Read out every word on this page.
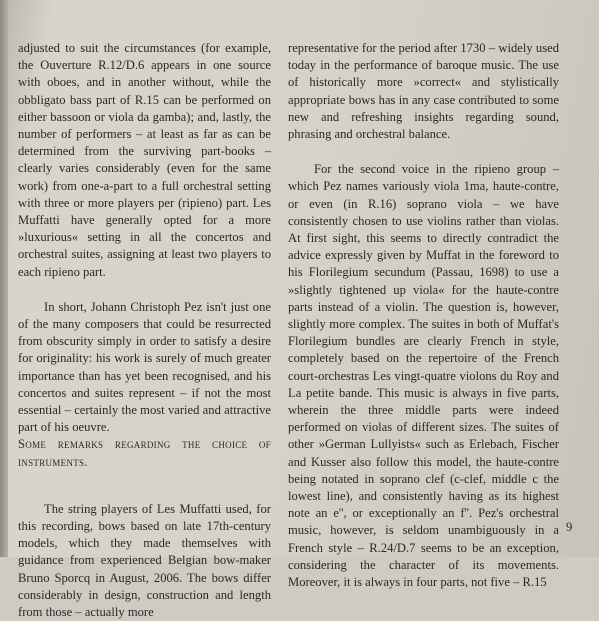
adjusted to suit the circumstances (for example, the Ouverture R.12/D.6 appears in one source with oboes, and in another without, while the obbligato bass part of R.15 can be performed on either bassoon or viola da gamba); and, lastly, the number of performers – at least as far as can be determined from the surviving part-books – clearly varies considerably (even for the same work) from one-a-part to a full orchestral setting with three or more players per (ripieno) part. Les Muffatti have generally opted for a more »luxurious« setting in all the concertos and orchestral suites, assigning at least two players to each ripieno part.

In short, Johann Christoph Pez isn't just one of the many composers that could be resurrected from obscurity simply in order to satisfy a desire for originality: his work is surely of much greater importance than has yet been recognised, and his concertos and suites represent – if not the most essential – certainly the most varied and attractive part of his oeuvre.

Some remarks regarding the choice of instruments.

The string players of Les Muffatti used, for this recording, bows based on late 17th-century models, which they made themselves with guidance from experienced Belgian bow-maker Bruno Sporcq in August, 2006. The bows differ considerably in design, construction and length from those – actually more

representative for the period after 1730 – widely used today in the performance of baroque music. The use of historically more »correct« and stylistically appropriate bows has in any case contributed to some new and refreshing insights regarding sound, phrasing and orchestral balance.

For the second voice in the ripieno group – which Pez names variously viola 1ma, haute-contre, or even (in R.16) soprano viola – we have consistently chosen to use violins rather than violas. At first sight, this seems to directly contradict the advice expressly given by Muffat in the foreword to his Florilegium secundum (Passau, 1698) to use a »slightly tightened up viola« for the haute-contre parts instead of a violin. The question is, however, slightly more complex. The suites in both of Muffat's Florilegium bundles are clearly French in style, completely based on the repertoire of the French court-orchestras Les vingt-quatre violons du Roy and La petite bande. This music is always in five parts, wherein the three middle parts were indeed performed on violas of different sizes. The suites of other »German Lullyists« such as Erlebach, Fischer and Kusser also follow this model, the haute-contre being notated in soprano clef (c-clef, middle c the lowest line), and consistently having as its highest note an e'', or exceptionally an f''. Pez's orchestral music, however, is seldom unambiguously in a French style – R.24/D.7 seems to be an exception, considering the character of its movements. Moreover, it is always in four parts, not five – R.15

9
